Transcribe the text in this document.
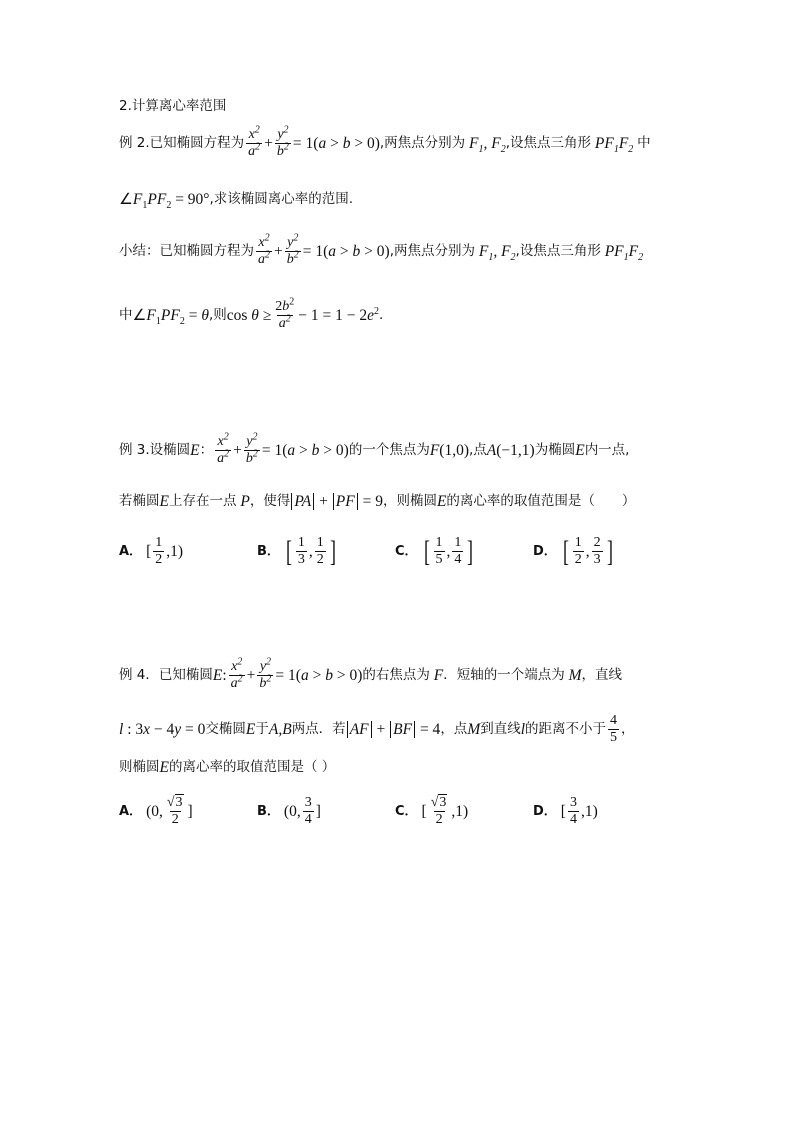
2.计算离心率范围
例 2.已知椭圆方程为 $\frac{x^2}{a^2} + \frac{y^2}{b^2} = 1(a > b > 0)$ ,两焦点分别为 $F_1$, $F_2$ ,设焦点三角形 $PF_1F_2$ 中
$\angle F_1PF_2 = 90^\circ$ ,求该椭圆离心率的范围.
小结：已知椭圆方程为 $\frac{x^2}{a^2} + \frac{y^2}{b^2} = 1(a > b > 0)$ ,两焦点分别为 $F_1$, $F_2$ ,设焦点三角形 $PF_1F_2$
中 $\angle F_1PF_2 = \theta$ ,则 $\cos \theta \ge \frac{2b^2}{a^2} - 1 = 1 - 2e^2$ .
例 3.设椭圆 E ： $\frac{x^2}{a^2} + \frac{y^2}{b^2} = 1(a > b > 0)$ 的一个焦点为 F(1,0) ,点 A(−1,1) 为椭圆 E 内一点,
若椭圆 E 上存在一点 P ，使得 PA + PF = 9 ，则椭圆 E 的离心率的取值范围是（　　）
A． [ $\frac{1}{2} ,1$)	B． [ $\frac{1}{3}$ , $\frac{1}{2}$ ]	C． [ $\frac{1}{5}$ , $\frac{1}{4}$ ]	D． [ $\frac{1}{2}$ , $\frac{2}{3}$ ]
例 4．已知椭圆 E : $\frac{x^2}{a^2} + \frac{y^2}{b^2} = 1(a > b > 0)$ 的右焦点为 F ．短轴的一个端点为 M ，直线
l : 3x − 4y = 0 交椭圆 E 于 A,B 两点．若 AF + BF = 4 ，点 M 到直线 l 的距离不小于 $\frac{4}{5}$ ，
则椭圆 E 的离心率的取值范围是（ ）
A． (0, $\frac{√3}{2}$ ]	B． (0, $\frac{3}{4}$ ]	C． [ $\frac{√3}{2} ,1$)	D． [ $\frac{3}{4} ,1$)
